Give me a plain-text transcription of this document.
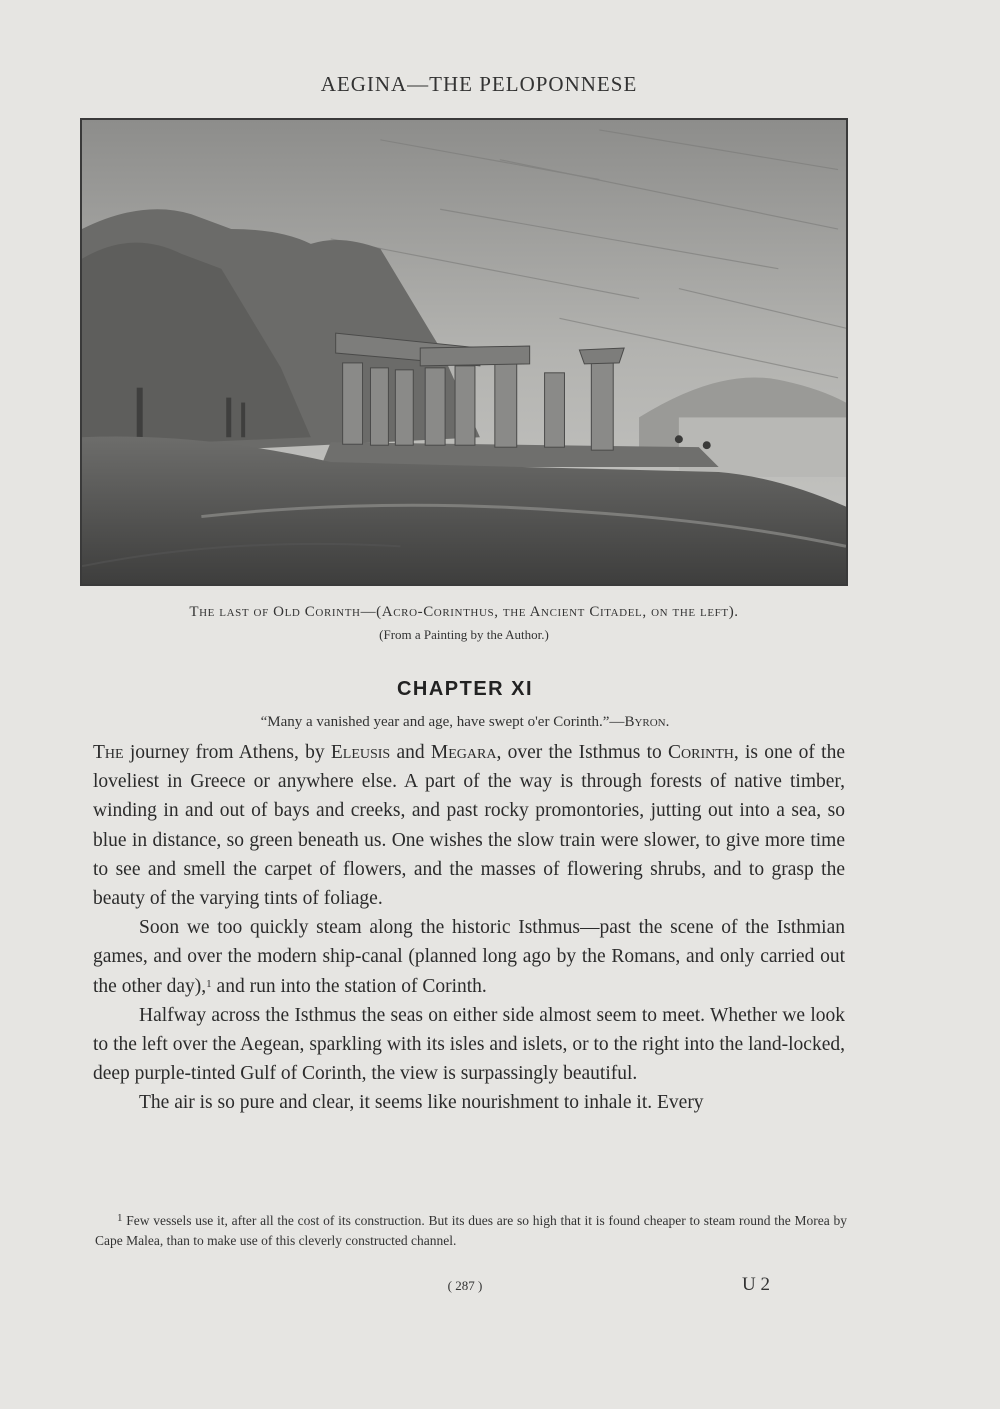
AEGINA—THE PELOPONNESE
The last of Old Corinth—(Acro-Corinthus, the Ancient Citadel, on the left).
(From a Painting by the Author.)
CHAPTER XI
“Many a vanished year and age, have swept o'er Corinth.”—Byron.

The journey from Athens, by Eleusis and Megara, over the Isthmus to Corinth, is one of the loveliest in Greece or anywhere else. A part of the way is through forests of native timber, winding in and out of bays and creeks, and past rocky promontories, jutting out into a sea, so blue in distance, so green beneath us. One wishes the slow train were slower, to give more time to see and smell the carpet of flowers, and the masses of flowering shrubs, and to grasp the beauty of the varying tints of foliage.

Soon we too quickly steam along the historic Isthmus—past the scene of the Isthmian games, and over the modern ship-canal (planned long ago by the Romans, and only carried out the other day),$^1$ and run into the station of Corinth.

Halfway across the Isthmus the seas on either side almost seem to meet. Whether we look to the left over the Aegean, sparkling with its isles and islets, or to the right into the land-locked, deep purple-tinted Gulf of Corinth, the view is surpassingly beautiful.

The air is so pure and clear, it seems like nourishment to inhale it. Every

$^1$ Few vessels use it, after all the cost of its construction. But its dues are so high that it is found cheaper to steam round the Morea by Cape Malea, than to make use of this cleverly constructed channel.
( 287 )	U 2
